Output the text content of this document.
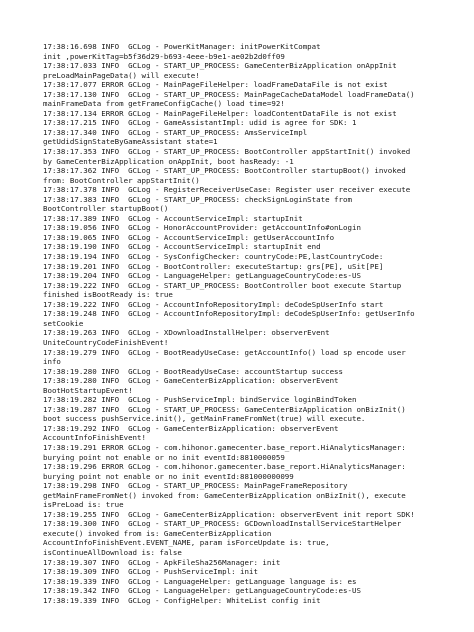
17:38:16.698 INFO  GCLog - PowerKitManager: initPowerKitCompat
init ,powerKitTag=b5f36d29-b693-4eee-b9e1-ae02b2d0ff09
17:38:17.033 INFO  GCLog - START_UP_PROCESS: GameCenterBizApplication onAppInit
preLoadMainPageData() will execute!
17:38:17.077 ERROR GCLog - MainPageFileHelper: loadFrameDataFile is not exist
17:38:17.130 INFO  GCLog - START_UP_PROCESS: MainPageCacheDataModel loadFrameData()
mainFrameData from getFrameConfigCache() load time=92!
17:38:17.134 ERROR GCLog - MainPageFileHelper: loadContentDataFile is not exist
17:38:17.215 INFO  GCLog - GameAssistantImpl: udid is agree for SDK: 1
17:38:17.340 INFO  GCLog - START_UP_PROCESS: AmsServiceImpl
getUdidSignStateByGameAssistant state=1
17:38:17.353 INFO  GCLog - START_UP_PROCESS: BootController appStartInit() invoked
by GameCenterBizApplication onAppInit, boot hasReady: -1
17:38:17.362 INFO  GCLog - START_UP_PROCESS: BootController startupBoot() invoked
from: BootController appStartInit()
17:38:17.378 INFO  GCLog - RegisterReceiverUseCase: Register user receiver execute
17:38:17.383 INFO  GCLog - START_UP_PROCESS: checkSignLoginState from
BootController startupBoot()
17:38:17.389 INFO  GCLog - AccountServiceImpl: startupInit
17:38:19.056 INFO  GCLog - HonorAccountProvider: getAccountInfo#onLogin
17:38:19.065 INFO  GCLog - AccountServiceImpl: getUserAccountInfo
17:38:19.190 INFO  GCLog - AccountServiceImpl: startupInit end
17:38:19.194 INFO  GCLog - SysConfigChecker: countryCode:PE,lastCountryCode:
17:38:19.201 INFO  GCLog - BootController: executeStartup: grs[PE], uSit[PE]
17:38:19.204 INFO  GCLog - LanguageHelper: getLanguageCountryCode:es-US
17:38:19.222 INFO  GCLog - START_UP_PROCESS: BootController boot execute Startup
finished isBootReady is: true
17:38:19.222 INFO  GCLog - AccountInfoRepositoryImpl: deCodeSpUserInfo start
17:38:19.248 INFO  GCLog - AccountInfoRepositoryImpl: deCodeSpUserInfo: getUserInfo
setCookie
17:38:19.263 INFO  GCLog - XDownloadInstallHelper: observerEvent
UniteCountryCodeFinishEvent!
17:38:19.279 INFO  GCLog - BootReadyUseCase: getAccountInfo() load sp encode user
info
17:38:19.280 INFO  GCLog - BootReadyUseCase: accountStartup success
17:38:19.280 INFO  GCLog - GameCenterBizApplication: observerEvent
BootHotStartupEvent!
17:38:19.282 INFO  GCLog - PushServiceImpl: bindService loginBindToken
17:38:19.287 INFO  GCLog - START_UP_PROCESS: GameCenterBizApplication onBizInit()
boot success pushService.init(), getMainFrameFromNet(true) will execute.
17:38:19.292 INFO  GCLog - GameCenterBizApplication: observerEvent
AccountInfoFinishEvent!
17:38:19.291 ERROR GCLog - com.hihonor.gamecenter.base_report.HiAnalyticsManager:
burying point not enable or no init eventId:8810000059
17:38:19.296 ERROR GCLog - com.hihonor.gamecenter.base_report.HiAnalyticsManager:
burying point not enable or no init eventId:881000000099
17:38:19.298 INFO  GCLog - START_UP_PROCESS: MainPageFrameRepository
getMainFrameFromNet() invoked from: GameCenterBizApplication onBizInit(), execute
isPreLoad is: true
17:38:19.255 INFO  GCLog - GameCenterBizApplication: observerEvent init report SDK!
17:38:19.300 INFO  GCLog - START_UP_PROCESS: GCDownloadInstallServiceStartHelper
execute() invoked from is: GameCenterBizApplication
AccountInfoFinishEvent.EVENT_NAME, param isForceUpdate is: true,
isContinueAllDownload is: false
17:38:19.307 INFO  GCLog - ApkFileSha256Manager: init
17:38:19.309 INFO  GCLog - PushServiceImpl: init
17:38:19.339 INFO  GCLog - LanguageHelper: getLanguage language is: es
17:38:19.342 INFO  GCLog - LanguageHelper: getLanguageCountryCode:es-US
17:38:19.339 INFO  GCLog - ConfigHelper: WhiteList config init
